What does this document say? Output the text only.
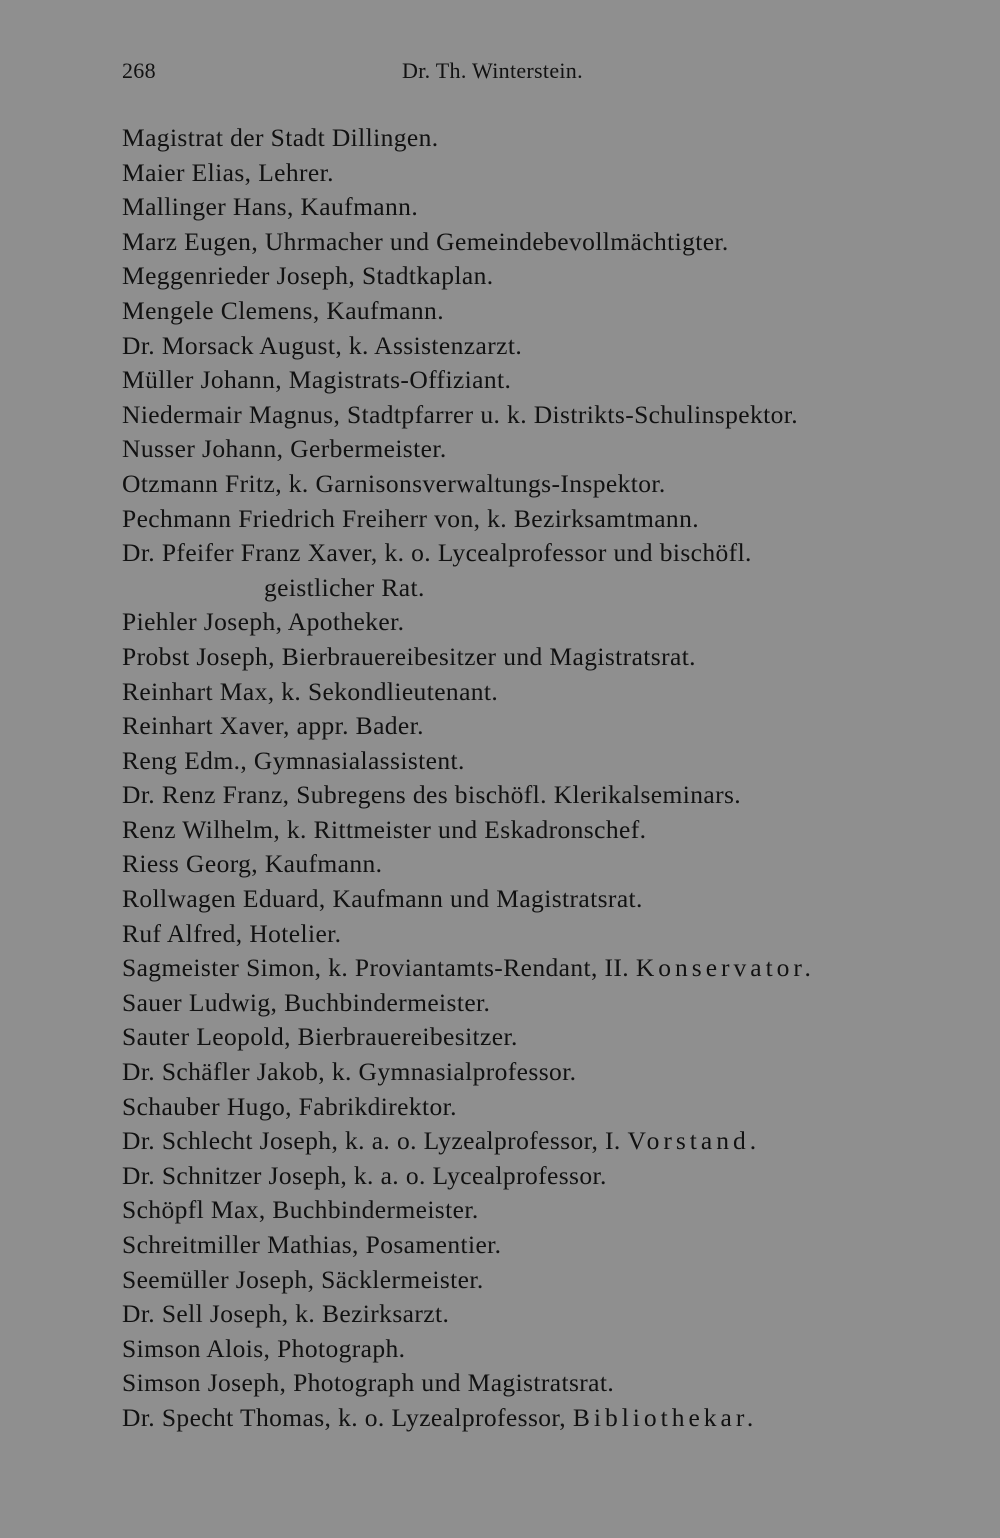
268	Dr. Th. Winterstein.
Magistrat der Stadt Dillingen.
Maier Elias, Lehrer.
Mallinger Hans, Kaufmann.
Marz Eugen, Uhrmacher und Gemeindebevollmächtigter.
Meggenrieder Joseph, Stadtkaplan.
Mengele Clemens, Kaufmann.
Dr. Morsack August, k. Assistenzarzt.
Müller Johann, Magistrats-Offiziant.
Niedermair Magnus, Stadtpfarrer u. k. Distrikts-Schulinspektor.
Nusser Johann, Gerbermeister.
Otzmann Fritz, k. Garnisonsverwaltungs-Inspektor.
Pechmann Friedrich Freiherr von, k. Bezirksamtmann.
Dr. Pfeifer Franz Xaver, k. o. Lycealprofessor und bischöfl.
geistlicher Rat.
Piehler Joseph, Apotheker.
Probst Joseph, Bierbrauereibesitzer und Magistratsrat.
Reinhart Max, k. Sekondlieutenant.
Reinhart Xaver, appr. Bader.
Reng Edm., Gymnasialassistent.
Dr. Renz Franz, Subregens des bischöfl. Klerikalseminars.
Renz Wilhelm, k. Rittmeister und Eskadronschef.
Riess Georg, Kaufmann.
Rollwagen Eduard, Kaufmann und Magistratsrat.
Ruf Alfred, Hotelier.
Sagmeister Simon, k. Proviantamts-Rendant, II. Konservator.
Sauer Ludwig, Buchbindermeister.
Sauter Leopold, Bierbrauereibesitzer.
Dr. Schäfler Jakob, k. Gymnasialprofessor.
Schauber Hugo, Fabrikdirektor.
Dr. Schlecht Joseph, k. a. o. Lyzealprofessor, I. Vorstand.
Dr. Schnitzer Joseph, k. a. o. Lycealprofessor.
Schöpfl Max, Buchbindermeister.
Schreitmiller Mathias, Posamentier.
Seemüller Joseph, Säcklermeister.
Dr. Sell Joseph, k. Bezirksarzt.
Simson Alois, Photograph.
Simson Joseph, Photograph und Magistratsrat.
Dr. Specht Thomas, k. o. Lyzealprofessor, Bibliothekar.
